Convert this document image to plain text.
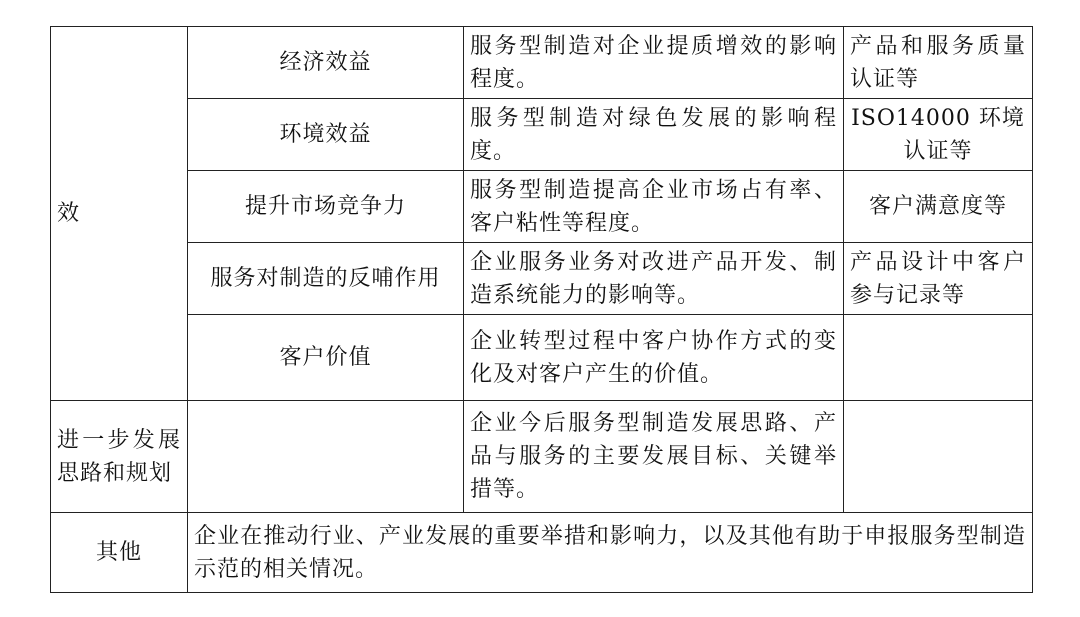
效	经济效益	服务型制造对企业提质增效的影响程度。	产品和服务质量认证等
	环境效益	服务型制造对绿色发展的影响程度。	ISO14000 环境认证等
	提升市场竞争力	服务型制造提高企业市场占有率、客户粘性等程度。	客户满意度等
	服务对制造的反哺作用	企业服务业务对改进产品开发、制造系统能力的影响等。	产品设计中客户参与记录等
	客户价值	企业转型过程中客户协作方式的变化及对客户产生的价值。	
进一步发展思路和规划		企业今后服务型制造发展思路、产品与服务的主要发展目标、关键举措等。	
其他	企业在推动行业、产业发展的重要举措和影响力，以及其他有助于申报服务型制造示范的相关情况。		
